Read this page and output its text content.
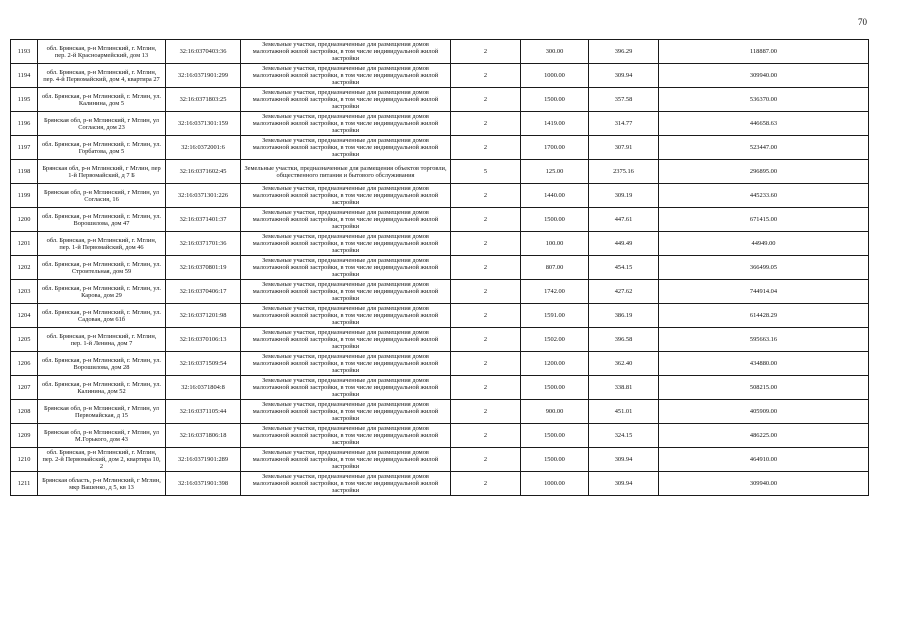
70
1193	обл. Брянская, р-н Мглинский, г. Мглин, пер. 2-й Красноармейский, дом 13	32:16:0370403:36	Земельные участки, предназначенные для размещения домов малоэтажной жилой застройки, в том числе индивидуальной жилой застройки	2	300.00	396.29	118887.00
1194	обл. Брянская, р-н Мглинский, г. Мглин, пер. 4-й Первомайский, дом 4, квартира 27	32:16:0371901:299	Земельные участки, предназначенные для размещения домов малоэтажной жилой застройки, в том числе индивидуальной жилой застройки	2	1000.00	309.94	309940.00
1195	обл. Брянская, р-н Мглинский, г. Мглин, ул. Калинина, дом 5	32:16:0371803:25	Земельные участки, предназначенные для размещения домов малоэтажной жилой застройки, в том числе индивидуальной жилой застройки	2	1500.00	357.58	536370.00
1196	Брянская обл, р-н Мглинский, г Мглин, ул Согласия, дом 23	32:16:0371301:159	Земельные участки, предназначенные для размещения домов малоэтажной жилой застройки, в том числе индивидуальной жилой застройки	2	1419.00	314.77	446658.63
1197	обл. Брянская, р-н Мглинский, г. Мглин, ул. Горбатова, дом 5	32:16:0372001:6	Земельные участки, предназначенные для размещения домов малоэтажной жилой застройки, в том числе индивидуальной жилой застройки	2	1700.00	307.91	523447.00
1198	Брянская обл, р-н Мглинский, г Мглин, пер 1-й Первомайский, д 7 Б	32:16:0371602:45	Земельные участки, предназначенные для размещения объектов торговли, общественного питания и бытового обслуживания	5	125.00	2375.16	296895.00
1199	Брянская обл, р-н Мглинский, г Мглин, ул Согласия, 16	32:16:0371301:226	Земельные участки, предназначенные для размещения домов малоэтажной жилой застройки, в том числе индивидуальной жилой застройки	2	1440.00	309.19	445233.60
1200	обл. Брянская, р-н Мглинский, г. Мглин, ул. Ворошилова, дом 47	32:16:0371401:37	Земельные участки, предназначенные для размещения домов малоэтажной жилой застройки, в том числе индивидуальной жилой застройки	2	1500.00	447.61	671415.00
1201	обл. Брянская, р-н Мглинский, г. Мглин, пер. 1-й Первомайский, дом 46	32:16:0371701:36	Земельные участки, предназначенные для размещения домов малоэтажной жилой застройки, в том числе индивидуальной жилой застройки	2	100.00	449.49	44949.00
1202	обл. Брянская, р-н Мглинский, г. Мглин, ул. Строительная, дом 59	32:16:0370801:19	Земельные участки, предназначенные для размещения домов малоэтажной жилой застройки, в том числе индивидуальной жилой застройки	2	807.00	454.15	366499.05
1203	обл. Брянская, р-н Мглинский, г. Мглин, ул. Карова, дом 29	32:16:0370406:17	Земельные участки, предназначенные для размещения домов малоэтажной жилой застройки, в том числе индивидуальной жилой застройки	2	1742.00	427.62	744914.04
1204	обл. Брянская, р-н Мглинский, г. Мглин, ул. Садовая, дом 61б	32:16:0371201:98	Земельные участки, предназначенные для размещения домов малоэтажной жилой застройки, в том числе индивидуальной жилой застройки	2	1591.00	386.19	614428.29
1205	обл. Брянская, р-н Мглинский, г. Мглин, пер. 1-й Ленина, дом 7	32:16:0370106:13	Земельные участки, предназначенные для размещения домов малоэтажной жилой застройки, в том числе индивидуальной жилой застройки	2	1502.00	396.58	595663.16
1206	обл. Брянская, р-н Мглинский, г. Мглин, ул. Ворошилова, дом 28	32:16:0371509:54	Земельные участки, предназначенные для размещения домов малоэтажной жилой застройки, в том числе индивидуальной жилой застройки	2	1200.00	362.40	434880.00
1207	обл. Брянская, р-н Мглинский, г. Мглин, ул. Калинина, дом 52	32:16:0371804:8	Земельные участки, предназначенные для размещения домов малоэтажной жилой застройки, в том числе индивидуальной жилой застройки	2	1500.00	338.81	508215.00
1208	Брянская обл, р-н Мглинский, г Мглин, ул Первомайская, д 15	32:16:0371105:44	Земельные участки, предназначенные для размещения домов малоэтажной жилой застройки, в том числе индивидуальной жилой застройки	2	900.00	451.01	405909.00
1209	Брянская обл, р-н Мглинский, г Мглин, ул М.Горького, дом 43	32:16:0371806:18	Земельные участки, предназначенные для размещения домов малоэтажной жилой застройки, в том числе индивидуальной жилой застройки	2	1500.00	324.15	486225.00
1210	обл. Брянская, р-н Мглинский, г. Мглин, пер. 2-й Первомайский, дом 2, квартира 10, 2	32:16:0371901:289	Земельные участки, предназначенные для размещения домов малоэтажной жилой застройки, в том числе индивидуальной жилой застройки	2	1500.00	309.94	464910.00
1211	Брянская область, р-н Мглинский, г Мглин, мкр Вашенко, д 5, кв 13	32:16:0371901:398	Земельные участки, предназначенные для размещения домов малоэтажной жилой застройки, в том числе индивидуальной жилой застройки	2	1000.00	309.94	309940.00
